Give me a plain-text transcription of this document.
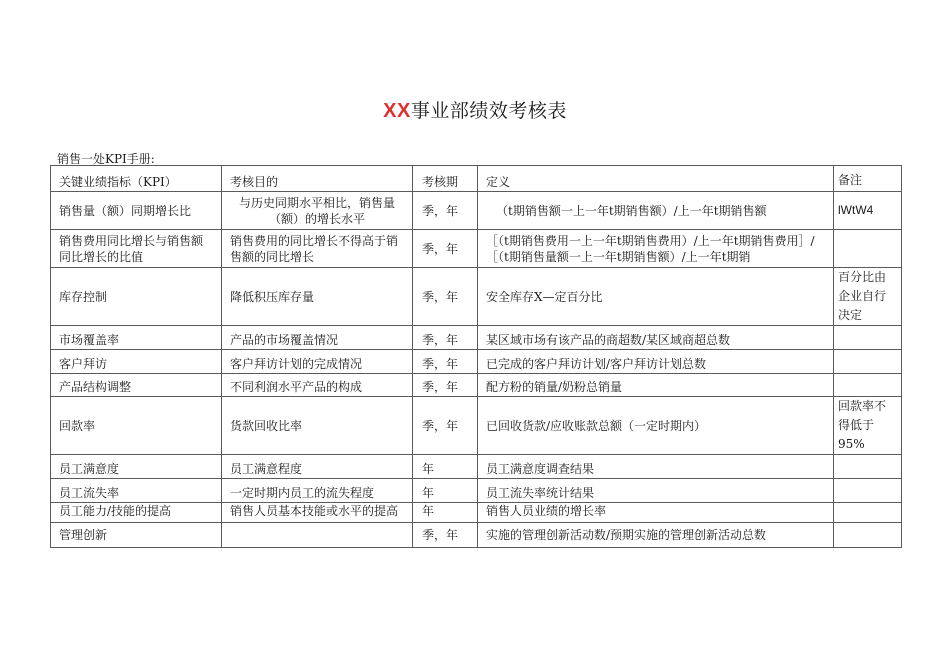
XX事业部绩效考核表
销售一处KPI手册:
关键业绩指标（KPI）	考核目的	考核期	定义	备注
销售量（额）同期增长比	与历史同期水平相比，销售量（额）的增长水平	季，年	（t期销售额一上一年t期销售额）/上一年t期销售额	lWtW4
销售费用同比增长与销售额同比增长的比值	销售费用的同比增长不得高于销售额的同比增长	季，年	［（t期销售费用一上一年t期销售费用）/上一年t期销售费用］/［（t期销售量额一上一年t期销售额）/上一年t期销	
库存控制	降低积压库存量	季，年	安全库存X—定百分比	百分比由企业自行决定
市场覆盖率	产品的市场覆盖情况	季，年	某区域市场有该产品的商超数/某区域商超总数	
客户拜访	客户拜访计划的完成情况	季，年	已完成的客户拜访计划/客户拜访计划总数	
产品结构调整	不同利润水平产品的构成	季，年	配方粉的销量/奶粉总销量	
回款率	货款回收比率	季，年	已回收货款/应收账款总额（一定时期内）	回款率不得低于95%
员工满意度	员工满意程度	年	员工满意度调查结果	
员工流失率	一定时期内员工的流失程度	年	员工流失率统计结果	
员工能力/技能的提高	销售人员基本技能或水平的提高	年	销售人员业绩的增长率	
管理创新		季，年	实施的管理创新活动数/预期实施的管理创新活动总数	
